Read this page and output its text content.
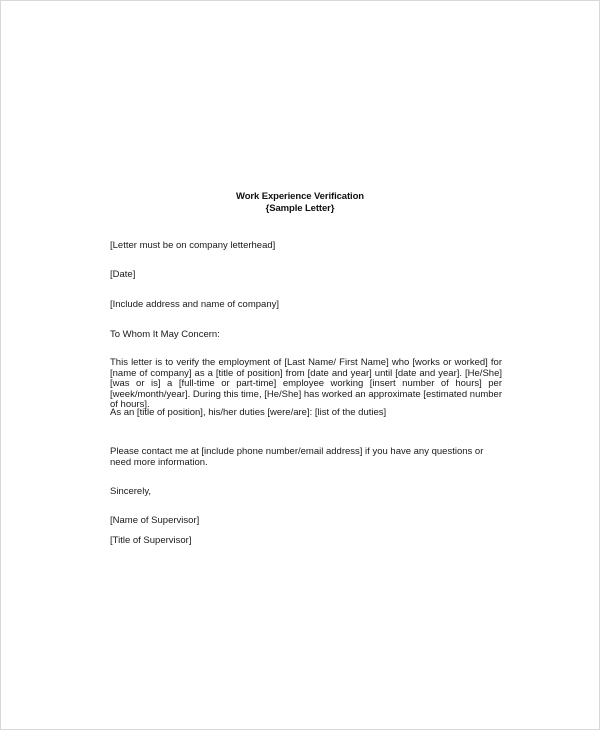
Work Experience Verification
{Sample Letter}

[Letter must be on company letterhead]

[Date]

[Include address and name of company]

To Whom It May Concern:

This letter is to verify the employment of [Last Name/ First Name] who [works or worked] for [name of company] as a [title of position] from [date and year] until [date and year]. [He/She] [was or is] a [full-time or part-time] employee working [insert number of hours] per [week/month/year]. During this time, [He/She] has worked an approximate [estimated number of hours].

As an [title of position], his/her duties [were/are]: [list of the duties]

Please contact me at [include phone number/email address] if you have any questions or need more information.

Sincerely,

[Name of Supervisor]

[Title of Supervisor]
